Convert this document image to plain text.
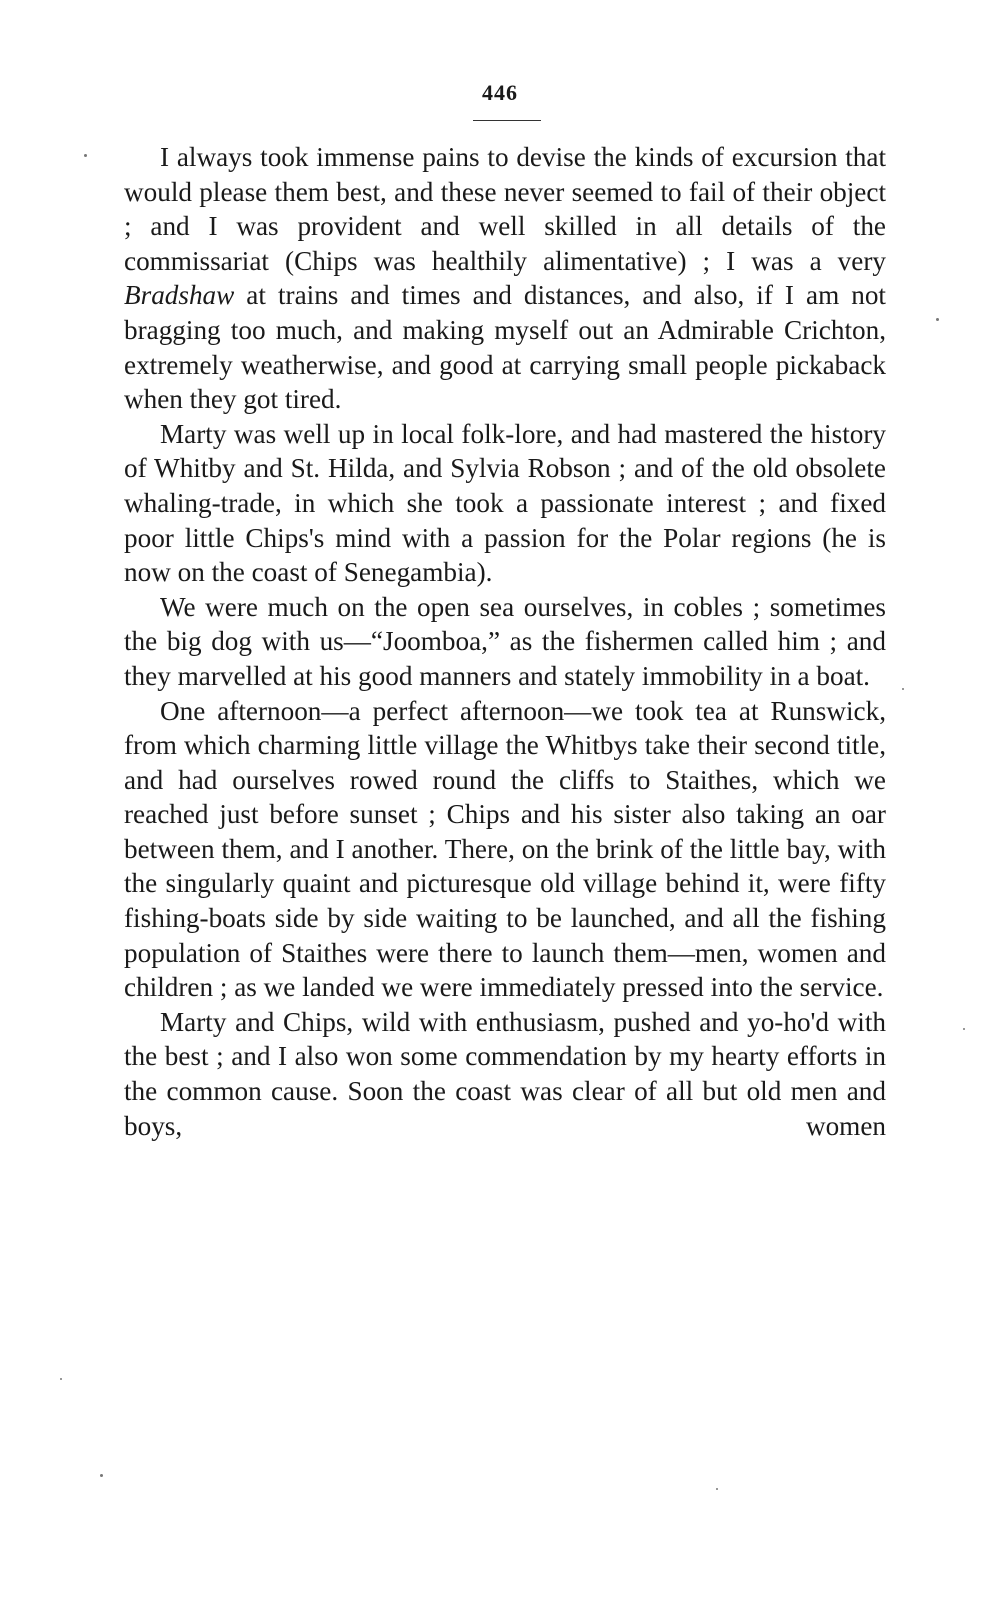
446

I always took immense pains to devise the kinds of excursion that would please them best, and these never seemed to fail of their object ; and I was provident and well skilled in all details of the commissariat (Chips was healthily alimentative) ; I was a very Bradshaw at trains and times and distances, and also, if I am not bragging too much, and making myself out an Admirable Crichton, extremely weatherwise, and good at carrying small people pickaback when they got tired.

Marty was well up in local folk-lore, and had mastered the history of Whitby and St. Hilda, and Sylvia Robson ; and of the old obsolete whaling-trade, in which she took a passionate interest ; and fixed poor little Chips's mind with a passion for the Polar regions (he is now on the coast of Senegambia).

We were much on the open sea ourselves, in cobles ; sometimes the big dog with us—“Joomboa,” as the fishermen called him ; and they marvelled at his good manners and stately immobility in a boat.

One afternoon—a perfect afternoon—we took tea at Runswick, from which charming little village the Whitbys take their second title, and had ourselves rowed round the cliffs to Staithes, which we reached just before sunset ; Chips and his sister also taking an oar between them, and I another. There, on the brink of the little bay, with the singularly quaint and picturesque old village behind it, were fifty fishing-boats side by side waiting to be launched, and all the fishing population of Staithes were there to launch them—men, women and children ; as we landed we were immediately pressed into the service.

Marty and Chips, wild with enthusiasm, pushed and yo-ho'd with the best ; and I also won some commendation by my hearty efforts in the common cause. Soon the coast was clear of all but old men and boys, women
